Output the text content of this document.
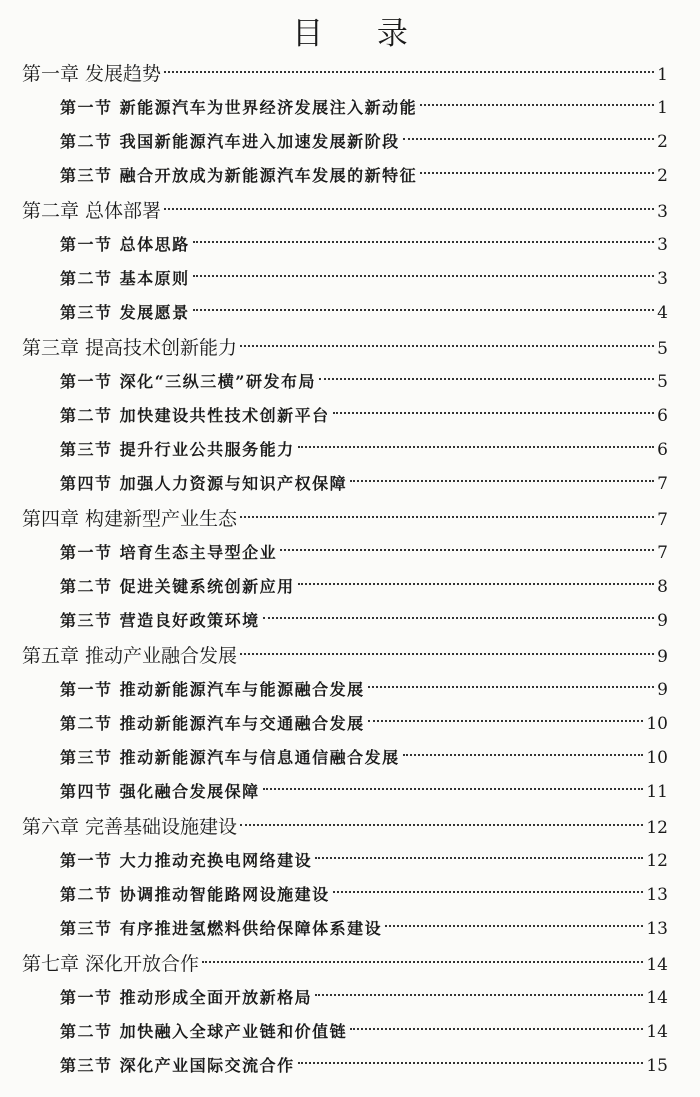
目 录
第一章 发展趋势	1
第一节 新能源汽车为世界经济发展注入新动能	1
第二节 我国新能源汽车进入加速发展新阶段	2
第三节 融合开放成为新能源汽车发展的新特征	2
第二章 总体部署	3
第一节 总体思路	3
第二节 基本原则	3
第三节 发展愿景	4
第三章 提高技术创新能力	5
第一节 深化“三纵三横”研发布局	5
第二节 加快建设共性技术创新平台	6
第三节 提升行业公共服务能力	6
第四节 加强人力资源与知识产权保障	7
第四章 构建新型产业生态	7
第一节 培育生态主导型企业	7
第二节 促进关键系统创新应用	8
第三节 营造良好政策环境	9
第五章 推动产业融合发展	9
第一节 推动新能源汽车与能源融合发展	9
第二节 推动新能源汽车与交通融合发展	10
第三节 推动新能源汽车与信息通信融合发展	10
第四节 强化融合发展保障	11
第六章 完善基础设施建设	12
第一节 大力推动充换电网络建设	12
第二节 协调推动智能路网设施建设	13
第三节 有序推进氢燃料供给保障体系建设	13
第七章 深化开放合作	14
第一节 推动形成全面开放新格局	14
第二节 加快融入全球产业链和价值链	14
第三节 深化产业国际交流合作	15
